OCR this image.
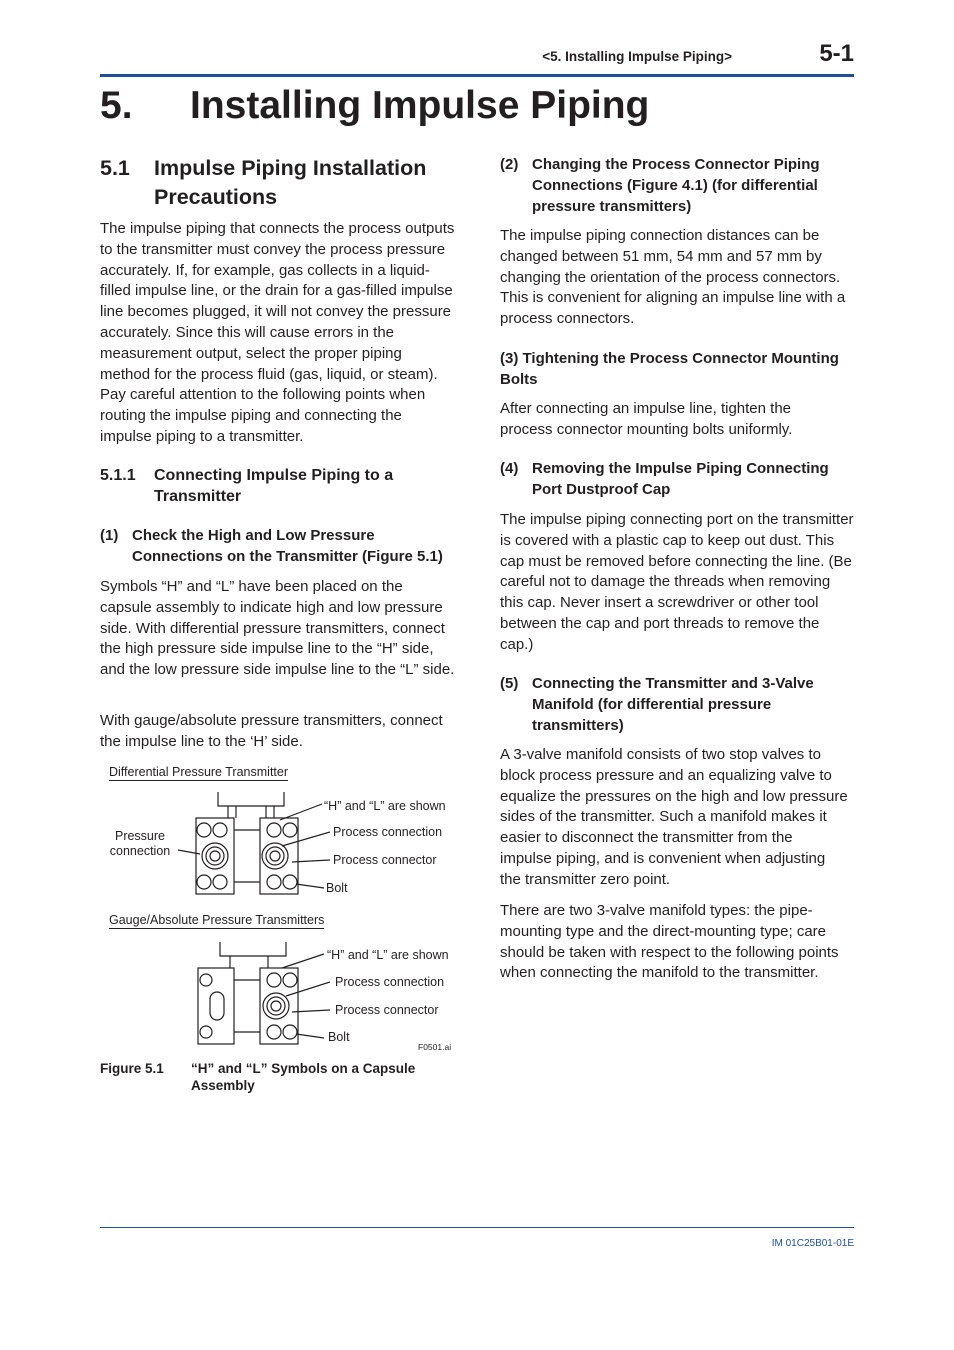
<5. Installing Impulse Piping>	5-1
5. Installing Impulse Piping
5.1 Impulse Piping Installation Precautions

The impulse piping that connects the process outputs to the transmitter must convey the process pressure accurately. If, for example, gas collects in a liquid-filled impulse line, or the drain for a gas-filled impulse line becomes plugged, it will not convey the pressure accurately. Since this will cause errors in the measurement output, select the proper piping method for the process fluid (gas, liquid, or steam). Pay careful attention to the following points when routing the impulse piping and connecting the impulse piping to a transmitter.

5.1.1 Connecting Impulse Piping to a Transmitter
(1) Check the High and Low Pressure Connections on the Transmitter (Figure 5.1)

Symbols “H” and “L” have been placed on the capsule assembly to indicate high and low pressure side. With differential pressure transmitters, connect the high pressure side impulse line to the “H” side, and the low pressure side impulse line to the “L” side.

With gauge/absolute pressure transmitters, connect the impulse line to the ‘H’ side.

Differential Pressure Transmitter
Pressure connection
“H” and “L” are shown
Process connection
Process connector
Bolt
Gauge/Absolute Pressure Transmitters
“H” and “L” are shown
Process connection
Process connector
Bolt
F0501.ai
Figure 5.1 “H” and “L” Symbols on a Capsule Assembly
(2) Changing the Process Connector Piping Connections (Figure 4.1) (for differential pressure transmitters)

The impulse piping connection distances can be changed between 51 mm, 54 mm and 57 mm by changing the orientation of the process connectors. This is convenient for aligning an impulse line with a process connectors.

(3) Tightening the Process Connector Mounting Bolts

After connecting an impulse line, tighten the process connector mounting bolts uniformly.

(4) Removing the Impulse Piping Connecting Port Dustproof Cap

The impulse piping connecting port on the transmitter is covered with a plastic cap to keep out dust. This cap must be removed before connecting the line. (Be careful not to damage the threads when removing this cap. Never insert a screwdriver or other tool between the cap and port threads to remove the cap.)

(5) Connecting the Transmitter and 3-Valve Manifold (for differential pressure transmitters)

A 3-valve manifold consists of two stop valves to block process pressure and an equalizing valve to equalize the pressures on the high and low pressure sides of the transmitter. Such a manifold makes it easier to disconnect the transmitter from the impulse piping, and is convenient when adjusting the transmitter zero point.

There are two 3-valve manifold types: the pipe-mounting type and the direct-mounting type; care should be taken with respect to the following points when connecting the manifold to the transmitter.

IM 01C25B01-01E
